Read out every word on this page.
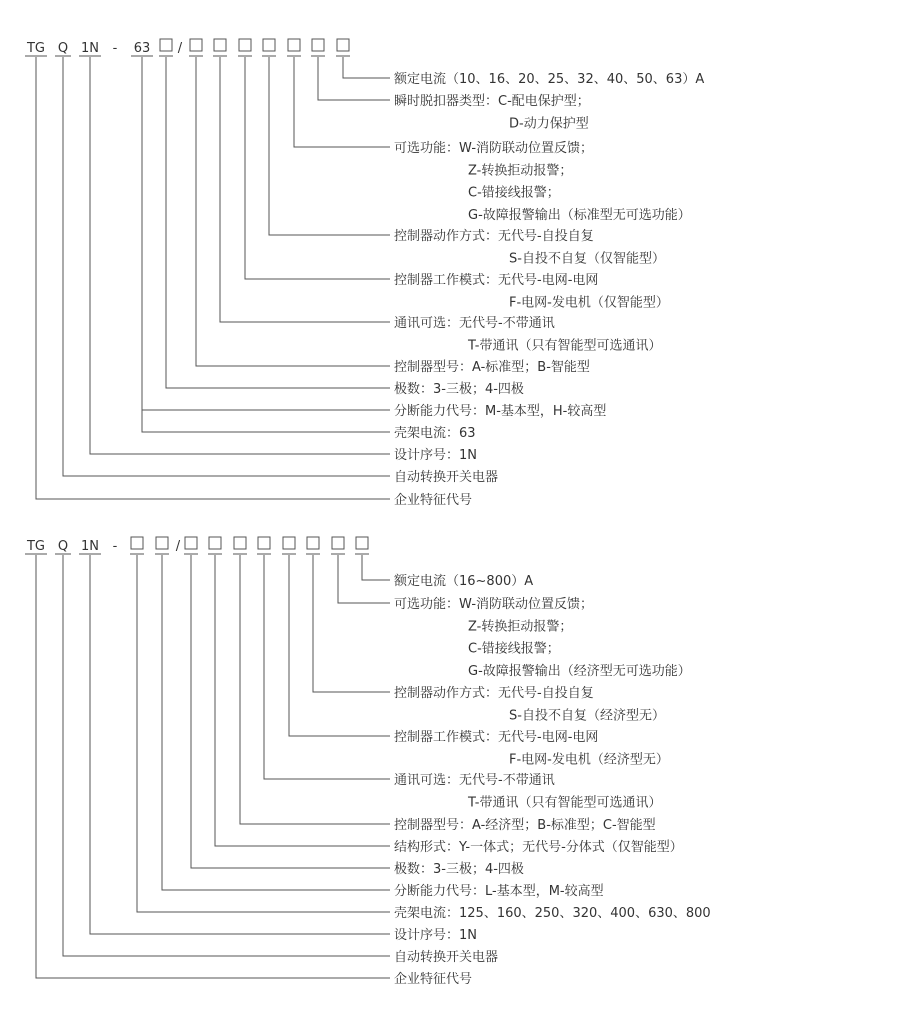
TG Q 1N - 63 /
额定电流（10、16、20、25、32、40、50、63）A
瞬时脱扣器类型：C-配电保护型；
D-动力保护型
可选功能：W-消防联动位置反馈；
Z-转换拒动报警；
C-错接线报警；
G-故障报警输出（标准型无可选功能）
控制器动作方式：无代号-自投自复
S-自投不自复（仅智能型）
控制器工作模式：无代号-电网-电网
F-电网-发电机（仅智能型）
通讯可选：无代号-不带通讯
T-带通讯（只有智能型可选通讯）
控制器型号：A-标准型；B-智能型
极数：3-三极；4-四极
分断能力代号：M-基本型，H-较高型
壳架电流：63
设计序号：1N
自动转换开关电器
企业特征代号
TG Q 1N -	/
额定电流（16~800）A
可选功能：W-消防联动位置反馈；
Z-转换拒动报警；
C-错接线报警；
G-故障报警输出（经济型无可选功能）
控制器动作方式：无代号-自投自复
S-自投不自复（经济型无）
控制器工作模式：无代号-电网-电网
F-电网-发电机（经济型无）
通讯可选：无代号-不带通讯
T-带通讯（只有智能型可选通讯）
控制器型号：A-经济型；B-标准型；C-智能型
结构形式：Y-一体式；无代号-分体式（仅智能型）
极数：3-三极；4-四极
分断能力代号：L-基本型，M-较高型
壳架电流：125、160、250、320、400、630、800
设计序号：1N
自动转换开关电器
企业特征代号
